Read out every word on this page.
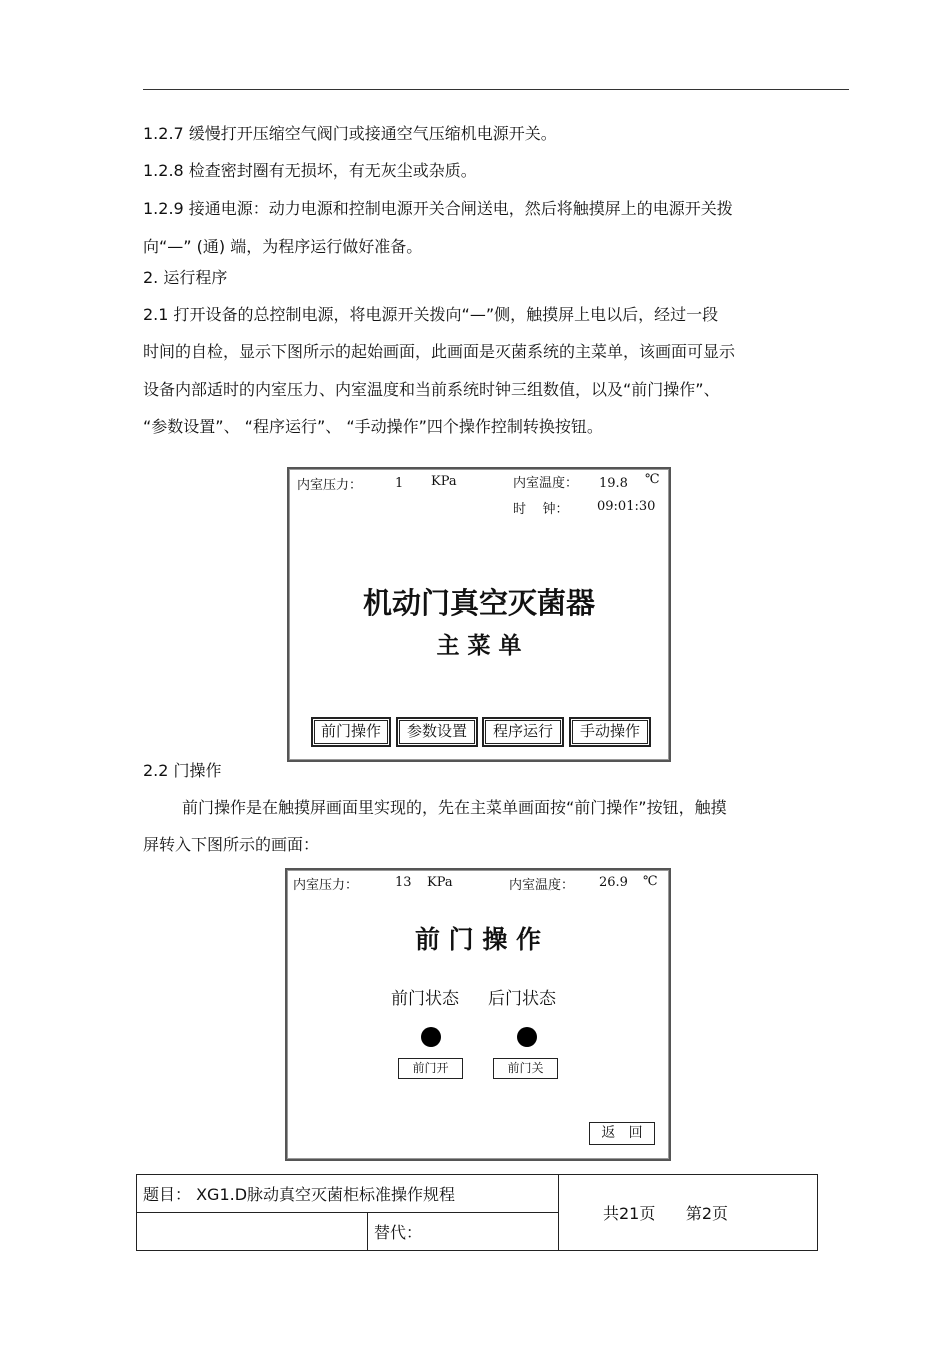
1.2.7 缓慢打开压缩空气阀门或接通空气压缩机电源开关。
1.2.8 检查密封圈有无损坏，有无灰尘或杂质。
1.2.9 接通电源：动力电源和控制电源开关合闸送电，然后将触摸屏上的电源开关拨
向“—” (通) 端，为程序运行做好准备。
2. 运行程序
2.1 打开设备的总控制电源，将电源开关拨向“—”侧，触摸屏上电以后，经过一段
时间的自检，显示下图所示的起始画面，此画面是灭菌系统的主菜单，该画面可显示
设备内部适时的内室压力、内室温度和当前系统时钟三组数值，以及“前门操作”、
“参数设置”、 “程序运行”、 “手动操作”四个操作控制转换按钮。
内室压力：	1 KPa	内室温度： 19.8 ℃
时    钟： 09:01:30
机动门真空灭菌器
主 菜 单
前门操作	参数设置	程序运行	手动操作
2.2 门操作
前门操作是在触摸屏画面里实现的，先在主菜单画面按“前门操作”按钮，触摸
屏转入下图所示的画面：
内室压力：	13 KPa	内室温度： 26.9 ℃
前 门 操 作
前门状态 后门状态
前门开	前门关
返   回
题目： XG1.D脉动真空灭菌柜标准操作规程		共21页      第2页
	替代：	
